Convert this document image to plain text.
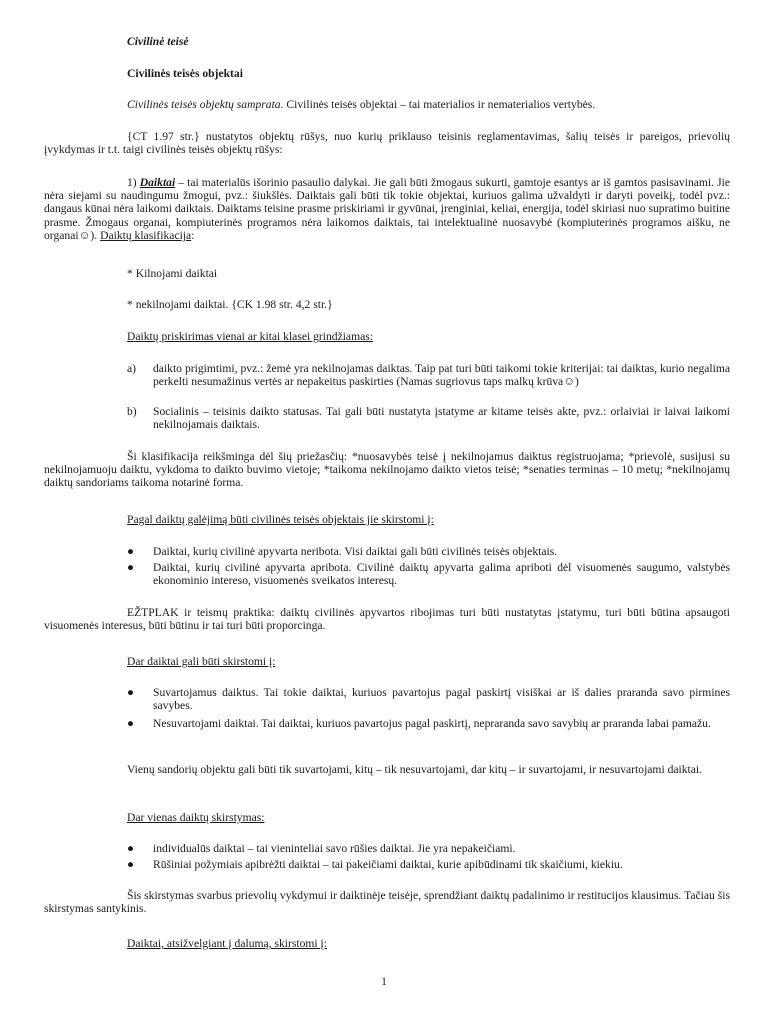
Civilinė teisė

Civilinės teisės objektai

Civilinės teisės objektų samprata. Civilinės teisės objektai – tai materialios ir nematerialios vertybės.

{CT 1.97 str.} nustatytos objektų rūšys, nuo kurių priklauso teisinis reglamentavimas, šalių teisės ir pareigos, prievolių įvykdymas ir t.t. taigi civilinės teisės objektų rūšys:

1) Daiktai – tai materialūs išorinio pasaulio dalykai. Jie gali būti žmogaus sukurti, gamtoje esantys ar iš gamtos pasisavinami. Jie nėra siejami su naudingumu žmogui, pvz.: šiukšlės. Daiktais gali būti tik tokie objektai, kuriuos galima užvaldyti ir daryti poveikį, todėl pvz.: dangaus kūnai nėra laikomi daiktais. Daiktams teisine prasme priskiriami ir gyvūnai, įrenginiai, keliai, energija, todėl skiriasi nuo supratimo buitine prasme. Žmogaus organai, kompiuterinės programos nėra laikomos daiktais, tai intelektualinė nuosavybė (kompiuterinės programos aišku, ne organai☺). Daiktų klasifikacija:

* Kilnojami daiktai

* nekilnojami daiktai. {CK 1.98 str. 4,2 str.}

Daiktų priskirimas vienai ar kitai klasei grindžiamas:

a)	daikto prigimtimi, pvz.: žemė yra nekilnojamas daiktas. Taip pat turi būti taikomi tokie kriterijai: tai daiktas, kurio negalima perkelti nesumažinus vertės ar nepakeitus paskirties (Namas sugriovus taps malkų krūva☺)
b)	Socialinis – teisinis daikto statusas. Tai gali būti nustatyta įstatyme ar kitame teisės akte, pvz.: orlaiviai ir laivai laikomi nekilnojamais daiktais.

Ši klasifikacija reikšminga dėl šių priežasčių: *nuosavybės teisė į nekilnojamus daiktus registruojama; *prievolė, susijusi su nekilnojamuoju daiktu, vykdoma to daikto buvimo vietoje; *taikoma nekilnojamo daikto vietos teisė; *senaties terminas – 10 metų; *nekilnojamų daiktų sandoriams taikoma notarinė forma.

Pagal daiktų galėjimą būti civilinės teisės objektais jie skirstomi į:

●	Daiktai, kurių civilinė apyvarta neribota. Visi daiktai gali būti civilinės teisės objektais.
●	Daiktai, kurių civilinė apyvarta apribota. Civilinė daiktų apyvarta galima apriboti dėl visuomenės saugumo, valstybės ekonominio intereso, visuomenės sveikatos interesų.

EŽTPLAK ir teismų praktika: daiktų civilinės apyvartos ribojimas turi būti nustatytas įstatymu, turi būti būtina apsaugoti visuomenės interesus, būti būtinu ir tai turi būti proporcinga.

Dar daiktai gali būti skirstomi į:

●	Suvartojamus daiktus. Tai tokie daiktai, kuriuos pavartojus pagal paskirtį visiškai ar iš dalies praranda savo pirmines savybes.
●	Nesuvartojami daiktai. Tai daiktai, kuriuos pavartojus pagal paskirtį, nepraranda savo savybių ar praranda labai pamažu.

Vienų sandorių objektu gali būti tik suvartojami, kitų – tik nesuvartojami, dar kitų – ir suvartojami, ir nesuvartojami daiktai.

Dar vienas daiktų skirstymas:

●	individualūs daiktai – tai vieninteliai savo rūšies daiktai. Jie yra nepakeičiami.
●	Rūšiniai požymiais apibrėžti daiktai – tai pakeičiami daiktai, kurie apibūdinami tik skaičiumi, kiekiu.

Šis skirstymas svarbus prievolių vykdymui ir daiktinėje teisėje, sprendžiant daiktų padalinimo ir restitucijos klausimus. Tačiau šis skirstymas santykinis.

Daiktai, atsižvelgiant į dalumą, skirstomi į:

1
